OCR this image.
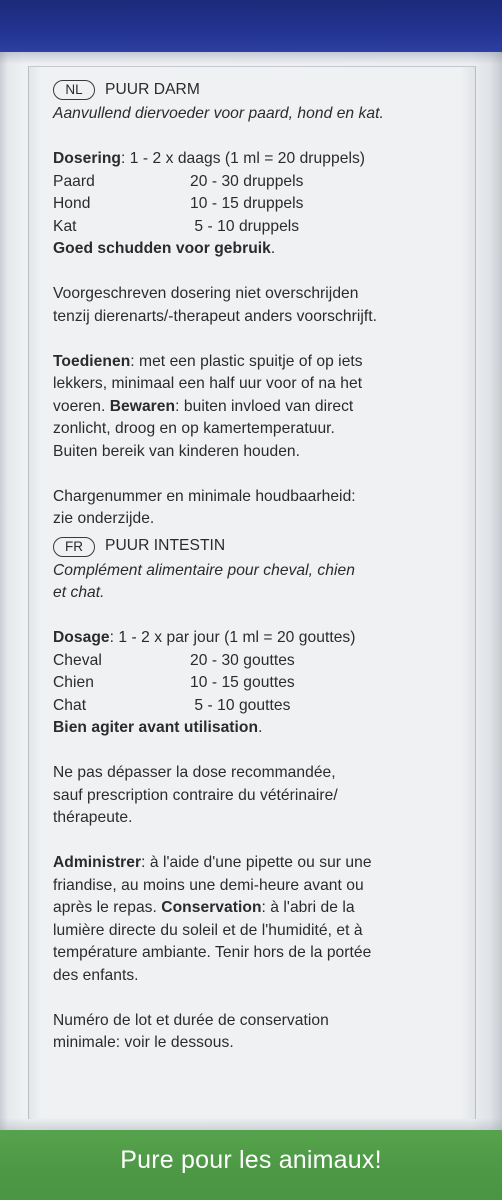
NL	PUUR DARM
Aanvullend diervoeder voor paard, hond en kat.
Dosering: 1 - 2 x daags (1 ml = 20 druppels)
Paard	20 - 30 druppels
Hond	10 - 15 druppels
Kat	5 - 10 druppels
Goed schudden voor gebruik.
Voorgeschreven dosering niet overschrijden
tenzij dierenarts/-therapeut anders voorschrijft.
Toedienen: met een plastic spuitje of op iets
lekkers, minimaal een half uur voor of na het
voeren. Bewaren: buiten invloed van direct
zonlicht, droog en op kamertemperatuur.
Buiten bereik van kinderen houden.
Chargenummer en minimale houdbaarheid:
zie onderzijde.
FR	PUUR INTESTIN
Complément alimentaire pour cheval, chien
et chat.
Dosage: 1 - 2 x par jour (1 ml = 20 gouttes)
Cheval	20 - 30 gouttes
Chien	10 - 15 gouttes
Chat	5 - 10 gouttes
Bien agiter avant utilisation.
Ne pas dépasser la dose recommandée,
sauf prescription contraire du vétérinaire/
thérapeute.
Administrer: à l'aide d'une pipette ou sur une
friandise, au moins une demi-heure avant ou
après le repas. Conservation: à l'abri de la
lumière directe du soleil et de l'humidité, et à
température ambiante. Tenir hors de la portée
des enfants.
Numéro de lot et durée de conservation
minimale: voir le dessous.
Pure pour les animaux!
